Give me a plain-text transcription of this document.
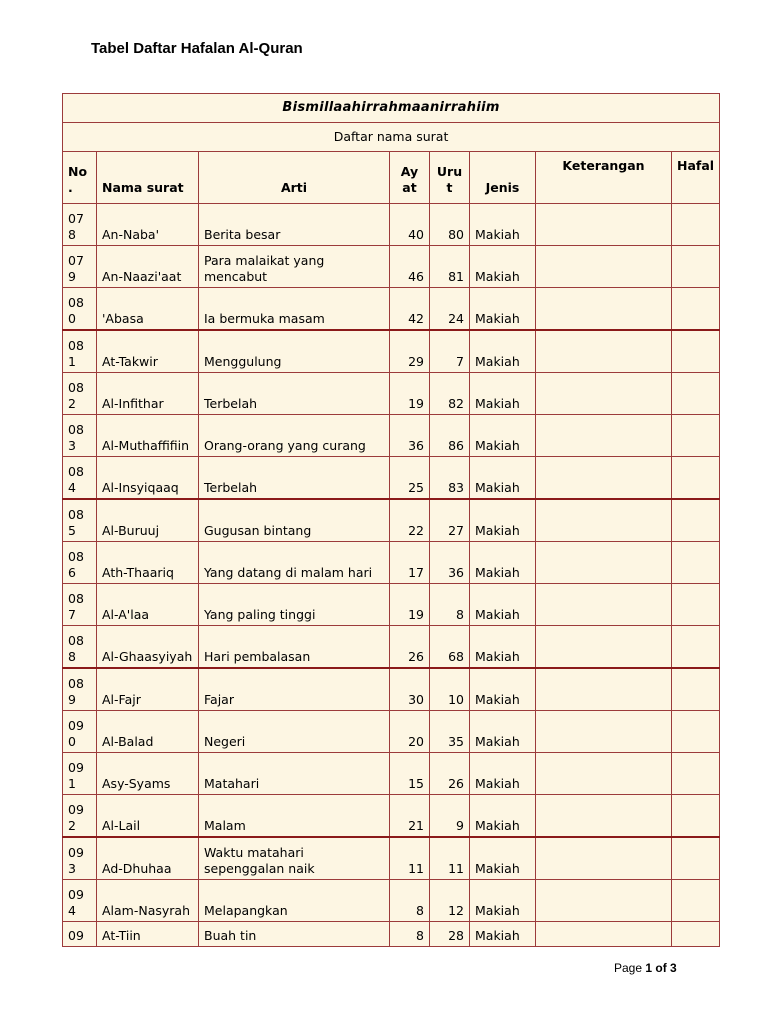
Tabel Daftar Hafalan Al-Quran
Bismillaahirrahmaanirrahiim							
Daftar nama surat							
No .	Nama surat	Arti	Ay at	Uru t	Jenis	Keterangan	Hafal
07 8	An-Naba'	Berita besar	40	80	Makiah		
07 9	An-Naazi'aat	Para malaikat yang mencabut	46	81	Makiah		
08 0	'Abasa	Ia bermuka masam	42	24	Makiah		
08 1	At-Takwir	Menggulung	29	7	Makiah		
08 2	Al-Infithar	Terbelah	19	82	Makiah		
08 3	Al-Muthaffifiin	Orang-orang yang curang	36	86	Makiah		
08 4	Al-Insyiqaaq	Terbelah	25	83	Makiah		
08 5	Al-Buruuj	Gugusan bintang	22	27	Makiah		
08 6	Ath-Thaariq	Yang datang di malam hari	17	36	Makiah		
08 7	Al-A'laa	Yang paling tinggi	19	8	Makiah		
08 8	Al-Ghaasyiyah	Hari pembalasan	26	68	Makiah		
08 9	Al-Fajr	Fajar	30	10	Makiah		
09 0	Al-Balad	Negeri	20	35	Makiah		
09 1	Asy-Syams	Matahari	15	26	Makiah		
09 2	Al-Lail	Malam	21	9	Makiah		
09 3	Ad-Dhuhaa	Waktu matahari sepenggalan naik	11	11	Makiah		
09 4	Alam-Nasyrah	Melapangkan	8	12	Makiah		
09	At-Tiin	Buah tin	8	28	Makiah		
Page 1 of 3
